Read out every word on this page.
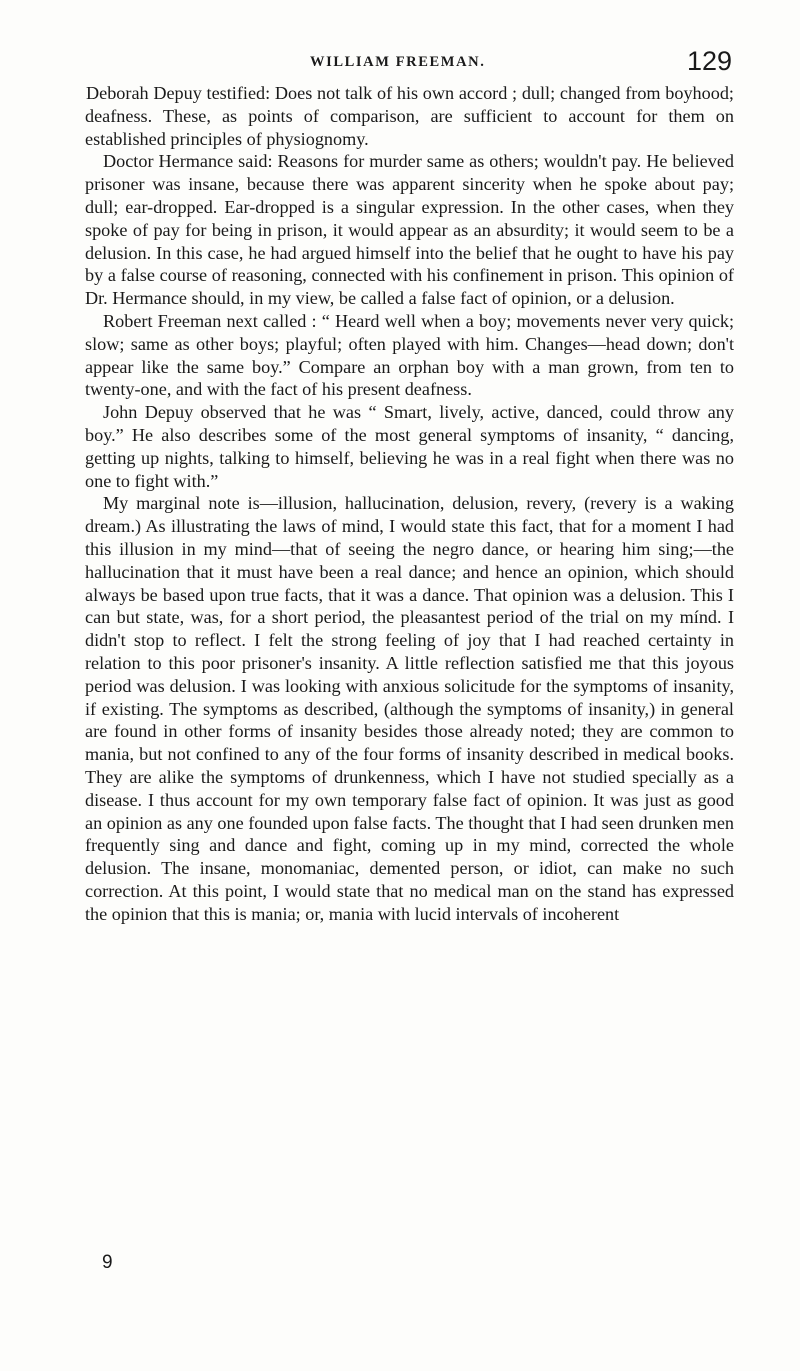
WILLIAM FREEMAN.	129

Deborah Depuy testified: Does not talk of his own accord ; dull; changed from boyhood; deafness. These, as points of comparison, are sufficient to account for them on established principles of physiognomy.

Doctor Hermance said: Reasons for murder same as others; wouldn't pay. He believed prisoner was insane, because there was apparent sincerity when he spoke about pay; dull; ear-dropped. Ear-dropped is a singular expression. In the other cases, when they spoke of pay for being in prison, it would appear as an absurdity; it would seem to be a delusion. In this case, he had argued himself into the belief that he ought to have his pay by a false course of reasoning, connected with his confinement in prison. This opinion of Dr. Hermance should, in my view, be called a false fact of opinion, or a delusion.

Robert Freeman next called : “ Heard well when a boy; movements never very quick; slow; same as other boys; playful; often played with him. Changes—head down; don't appear like the same boy.” Compare an orphan boy with a man grown, from ten to twenty-one, and with the fact of his present deafness.

John Depuy observed that he was “ Smart, lively, active, danced, could throw any boy.” He also describes some of the most general symptoms of insanity, “ dancing, getting up nights, talking to himself, believing he was in a real fight when there was no one to fight with.”

My marginal note is—illusion, hallucination, delusion, revery, (revery is a waking dream.) As illustrating the laws of mind, I would state this fact, that for a moment I had this illusion in my mind—that of seeing the negro dance, or hearing him sing;—the hallucination that it must have been a real dance; and hence an opinion, which should always be based upon true facts, that it was a dance. That opinion was a delusion. This I can but state, was, for a short period, the pleasantest period of the trial on my mínd. I didn't stop to reflect. I felt the strong feeling of joy that I had reached certainty in relation to this poor prisoner's insanity. A little reflection satisfied me that this joyous period was delusion. I was looking with anxious solicitude for the symptoms of insanity, if existing. The symptoms as described, (although the symptoms of insanity,) in general are found in other forms of insanity besides those already noted; they are common to mania, but not confined to any of the four forms of insanity described in medical books. They are alike the symptoms of drunkenness, which I have not studied specially as a disease. I thus account for my own temporary false fact of opinion. It was just as good an opinion as any one founded upon false facts. The thought that I had seen drunken men frequently sing and dance and fight, coming up in my mind, corrected the whole delusion. The insane, monomaniac, demented person, or idiot, can make no such correction. At this point, I would state that no medical man on the stand has expressed the opinion that this is mania; or, mania with lucid intervals of incoherent

9
